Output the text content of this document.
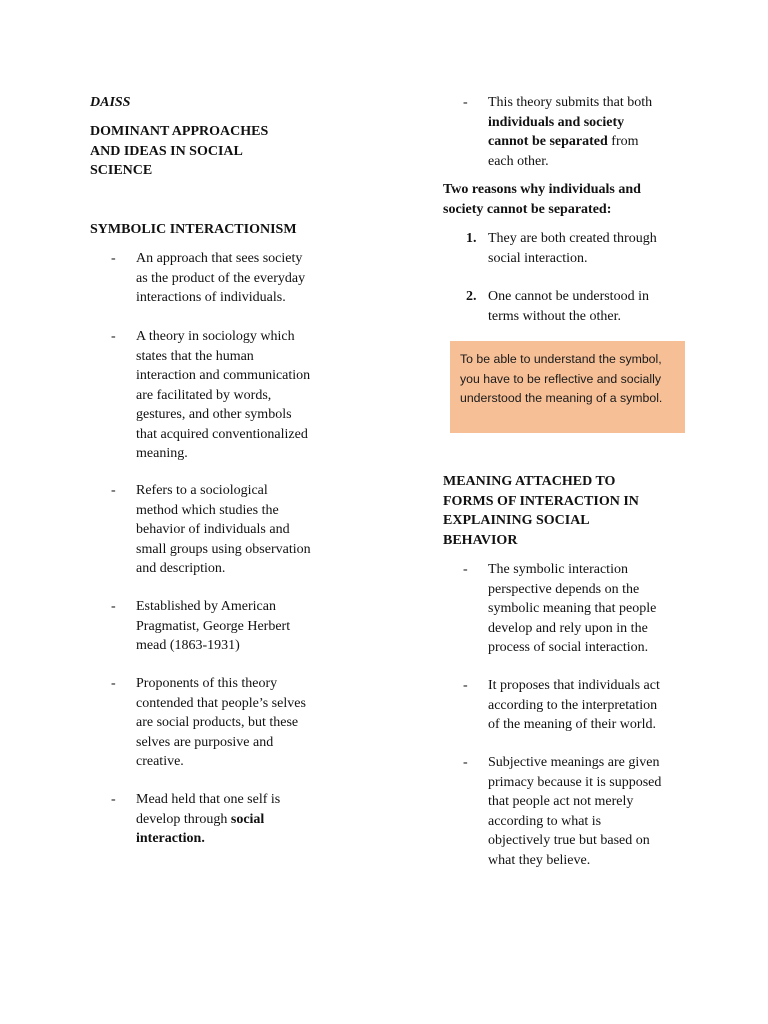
DAISS
DOMINANT APPROACHES
AND IDEAS IN SOCIAL
SCIENCE
SYMBOLIC INTERACTIONISM
- An approach that sees society
as the product of the everyday
interactions of individuals.
- A theory in sociology which
states that the human
interaction and communication
are facilitated by words,
gestures, and other symbols
that acquired conventionalized
meaning.
- Refers to a sociological
method which studies the
behavior of individuals and
small groups using observation
and description.
- Established by American
Pragmatist, George Herbert
mead (1863-1931)
- Proponents of this theory
contended that people’s selves
are social products, but these
selves are purposive and
creative.
- Mead held that one self is
develop through social
interaction.
- This theory submits that both
individuals and society
cannot be separated from
each other.
Two reasons why individuals and
society cannot be separated:
1. They are both created through
social interaction.
2. One cannot be understood in
terms without the other.
MEANING ATTACHED TO
FORMS OF INTERACTION IN
EXPLAINING SOCIAL
BEHAVIOR
- The symbolic interaction
perspective depends on the
symbolic meaning that people
develop and rely upon in the
process of social interaction.
- It proposes that individuals act
according to the interpretation
of the meaning of their world.
- Subjective meanings are given
primacy because it is supposed
that people act not merely
according to what is
objectively true but based on
what they believe.
To be able to understand the symbol,
you have to be reflective and socially
understood the meaning of a symbol.
